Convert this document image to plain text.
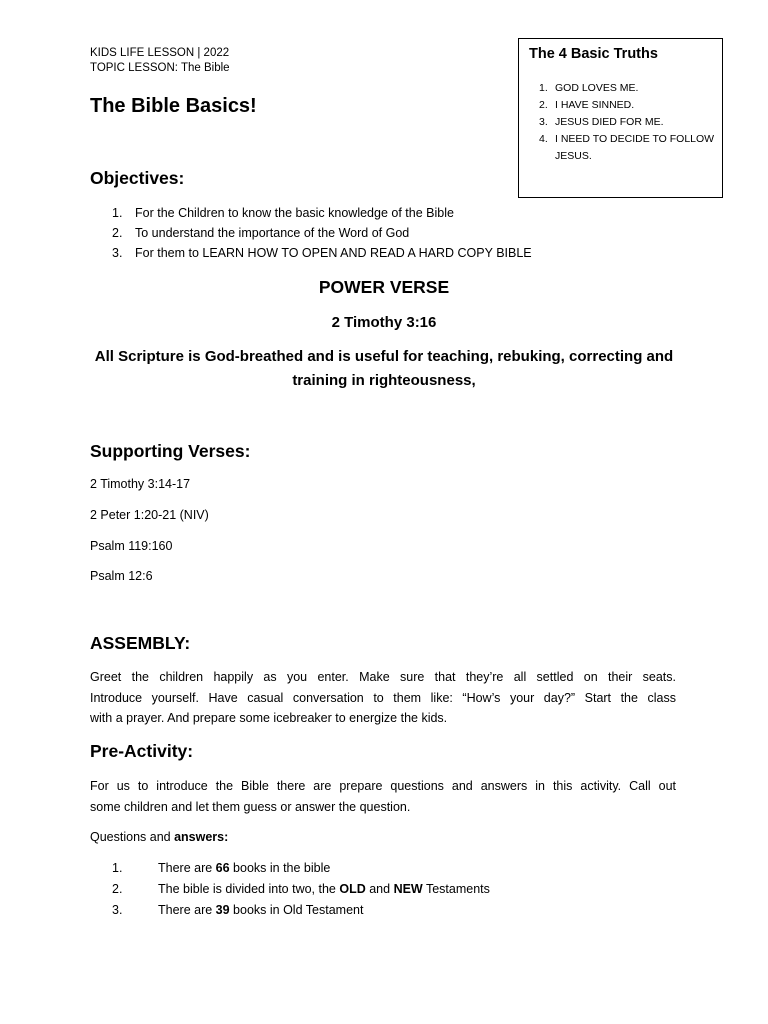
KIDS LIFE LESSON | 2022
TOPIC LESSON: The Bible
The 4 Basic Truths
1. GOD LOVES ME.
2. I HAVE SINNED.
3. JESUS DIED FOR ME.
4. I NEED TO DECIDE TO FOLLOW JESUS.
The Bible Basics!
Objectives:
1.	For the Children to know the basic knowledge of the Bible
2.	To understand the importance of the Word of God
3.	For them to LEARN HOW TO OPEN AND READ A HARD COPY BIBLE
POWER VERSE
2 Timothy 3:16
All Scripture is God-breathed and is useful for teaching, rebuking, correcting and
training in righteousness,
Supporting Verses:
2 Timothy 3:14-17
2 Peter 1:20-21 (NIV)
Psalm 119:160
Psalm 12:6
ASSEMBLY:
Greet the children happily as you enter. Make sure that they’re all settled on their seats.
Introduce yourself. Have casual conversation to them like: “How’s your day?” Start the class
with a prayer. And prepare some icebreaker to energize the kids.
Pre-Activity:
For us to introduce the Bible there are prepare questions and answers in this activity. Call out
some children and let them guess or answer the question.
Questions and answers:
1.	There are 66 books in the bible
2.	The bible is divided into two, the OLD and NEW Testaments
3.	There are 39 books in Old Testament
